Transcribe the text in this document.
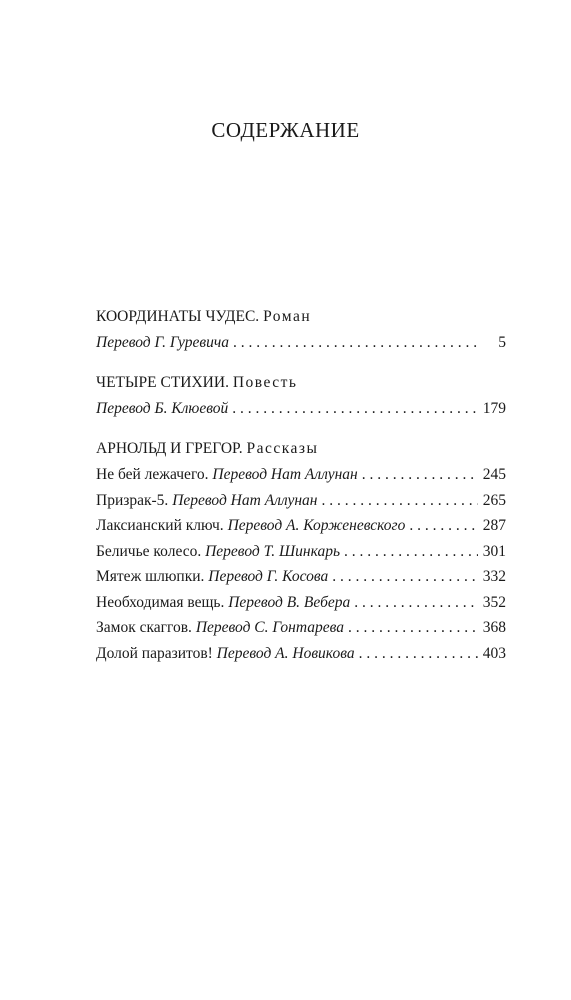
СОДЕРЖАНИЕ
КООРДИНАТЫ ЧУДЕС. Роман
Перевод Г. Гуревича . . .	5
ЧЕТЫРЕ СТИХИИ. Повесть
Перевод Б. Клюевой . . .	179
АРНОЛЬД И ГРЕГОР. Рассказы
Не бей лежачего. Перевод Нат Аллунан . . .	245
Призрак-5. Перевод Нат Аллунан . . .	265
Лаксианский ключ. Перевод А. Корженевского . . .	287
Беличье колесо. Перевод Т. Шинкарь . . .	301
Мятеж шлюпки. Перевод Г. Косова . . .	332
Необходимая вещь. Перевод В. Вебера . . .	352
Замок скаггов. Перевод С. Гонтарева . . .	368
Долой паразитов! Перевод А. Новикова . . .	403
